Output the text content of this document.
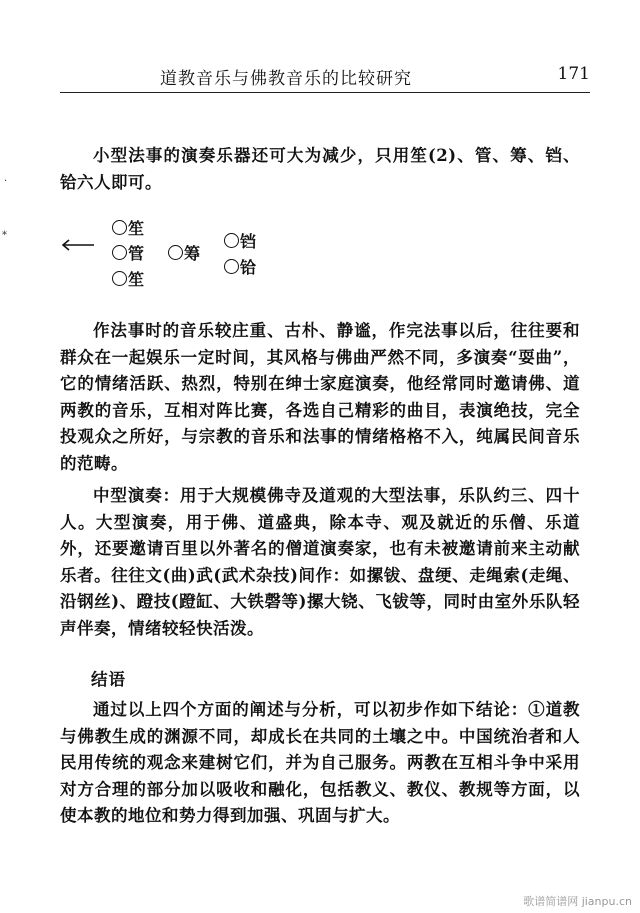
道教音乐与佛教音乐的比较研究	171
小型法事的演奏乐器还可大为减少，只用笙(2)、管、筹、铛、铪六人即可。
笙
管
笙
筹
铛
铪
作法事时的音乐较庄重、古朴、静谧，作完法事以后，往往要和群众在一起娱乐一定时间，其风格与佛曲严然不同，多演奏“耍曲”，它的情绪活跃、热烈，特别在绅士家庭演奏，他经常同时邀请佛、道两教的音乐，互相对阵比赛，各选自己精彩的曲目，表演绝技，完全投观众之所好，与宗教的音乐和法事的情绪格格不入，纯属民间音乐的范畴。
中型演奏：用于大规模佛寺及道观的大型法事，乐队约三、四十人。大型演奏，用于佛、道盛典，除本寺、观及就近的乐僧、乐道外，还要邀请百里以外著名的僧道演奏家，也有未被邀请前来主动献乐者。往往文(曲)武(武术杂技)间作：如摞钹、盘绠、走绳索(走绳、沿钢丝)、蹬技(蹬缸、大铁磬等)摞大铙、飞钹等，同时由室外乐队轻声伴奏，情绪较轻快活泼。
结语
通过以上四个方面的阐述与分析，可以初步作如下结论：①道教与佛教生成的渊源不同，却成长在共同的土壤之中。中国统治者和人民用传统的观念来建树它们，并为自己服务。两教在互相斗争中采用对方合理的部分加以吸收和融化，包括教义、教仪、教规等方面，以使本教的地位和势力得到加强、巩固与扩大。
·
*
歌谱简谱网 jianpu.cn
